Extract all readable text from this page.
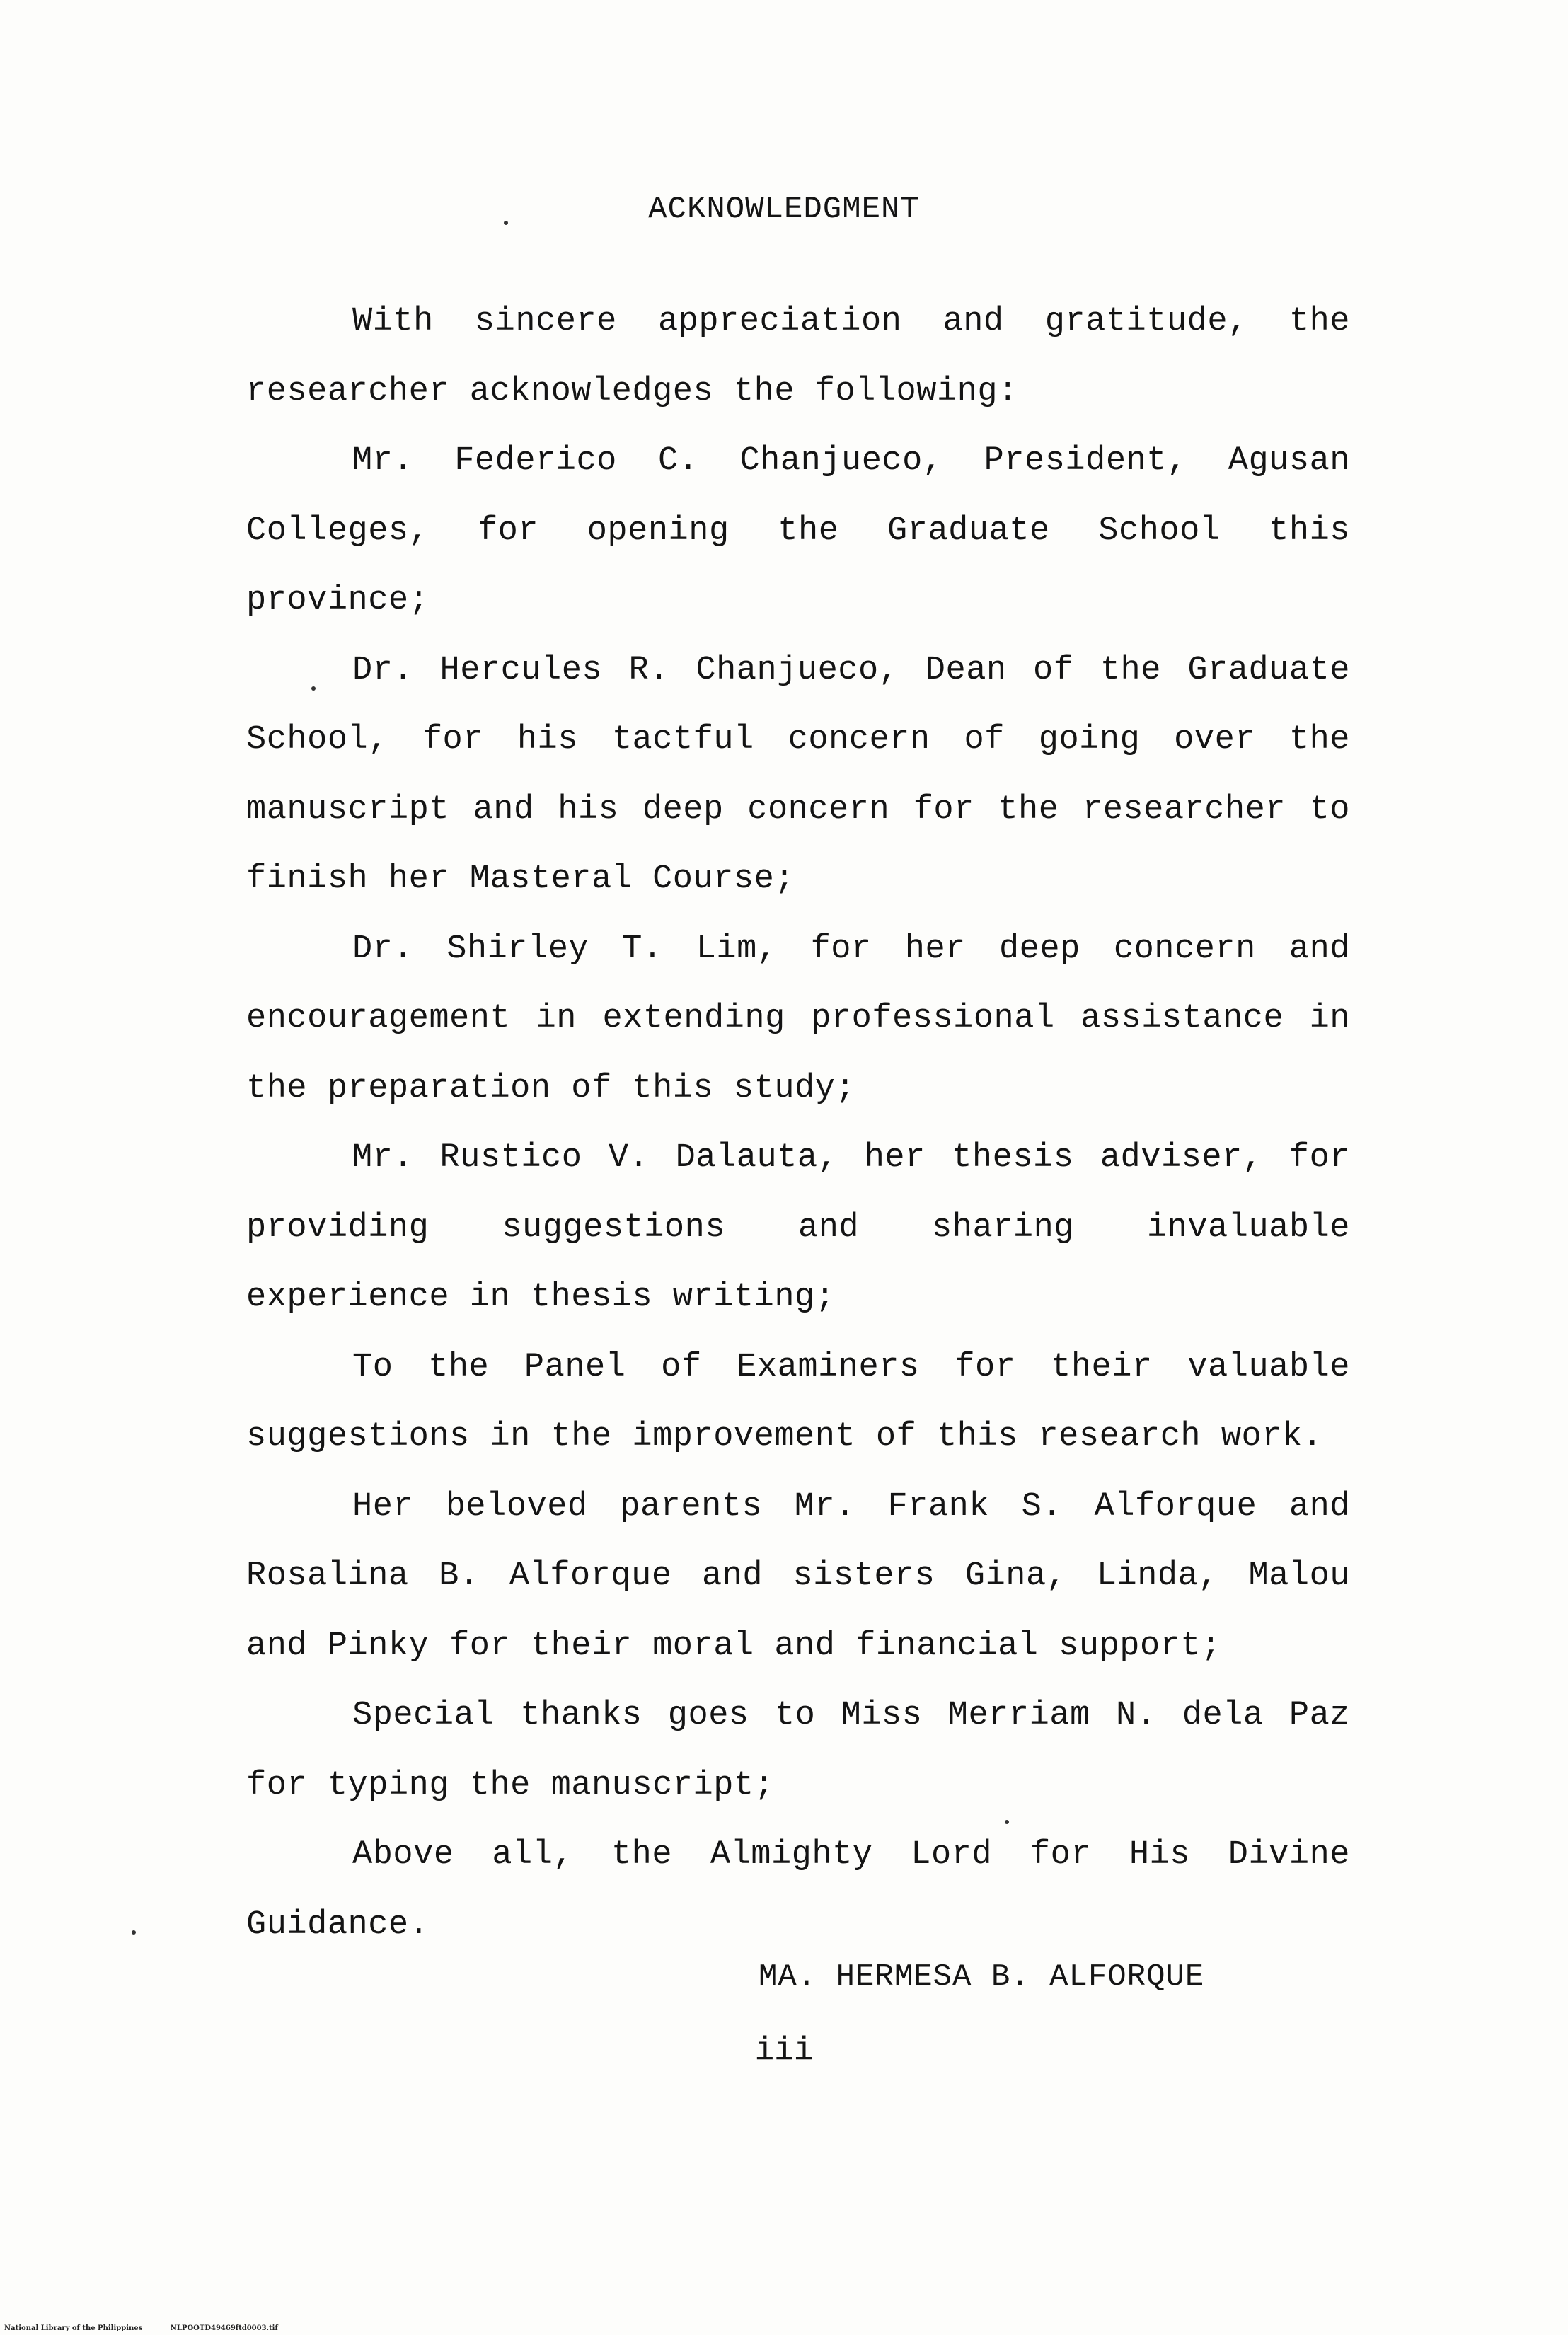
ACKNOWLEDGMENT

With sincere appreciation and gratitude, the researcher acknowledges the following:

Mr. Federico C. Chanjueco, President, Agusan Colleges, for opening the Graduate School this province;

Dr. Hercules R. Chanjueco, Dean of the Graduate School, for his tactful concern of going over the manuscript and his deep concern for the researcher to finish her Masteral Course;

Dr. Shirley T. Lim, for her deep concern and encouragement in extending professional assistance in the preparation of this study;

Mr. Rustico V. Dalauta, her thesis adviser, for providing suggestions and sharing invaluable experience in thesis writing;

To the Panel of Examiners for their valuable suggestions in the improvement of this research work.

Her beloved parents Mr. Frank S. Alforque and Rosalina B. Alforque and sisters Gina, Linda, Malou and Pinky for their moral and financial support;

Special thanks goes to Miss Merriam N. dela Paz for typing the manuscript;

Above all, the Almighty Lord for His Divine Guidance.

MA. HERMESA B. ALFORQUE
iii
National Library of the Philippines	NLPOOTD49469ftd0003.tif
